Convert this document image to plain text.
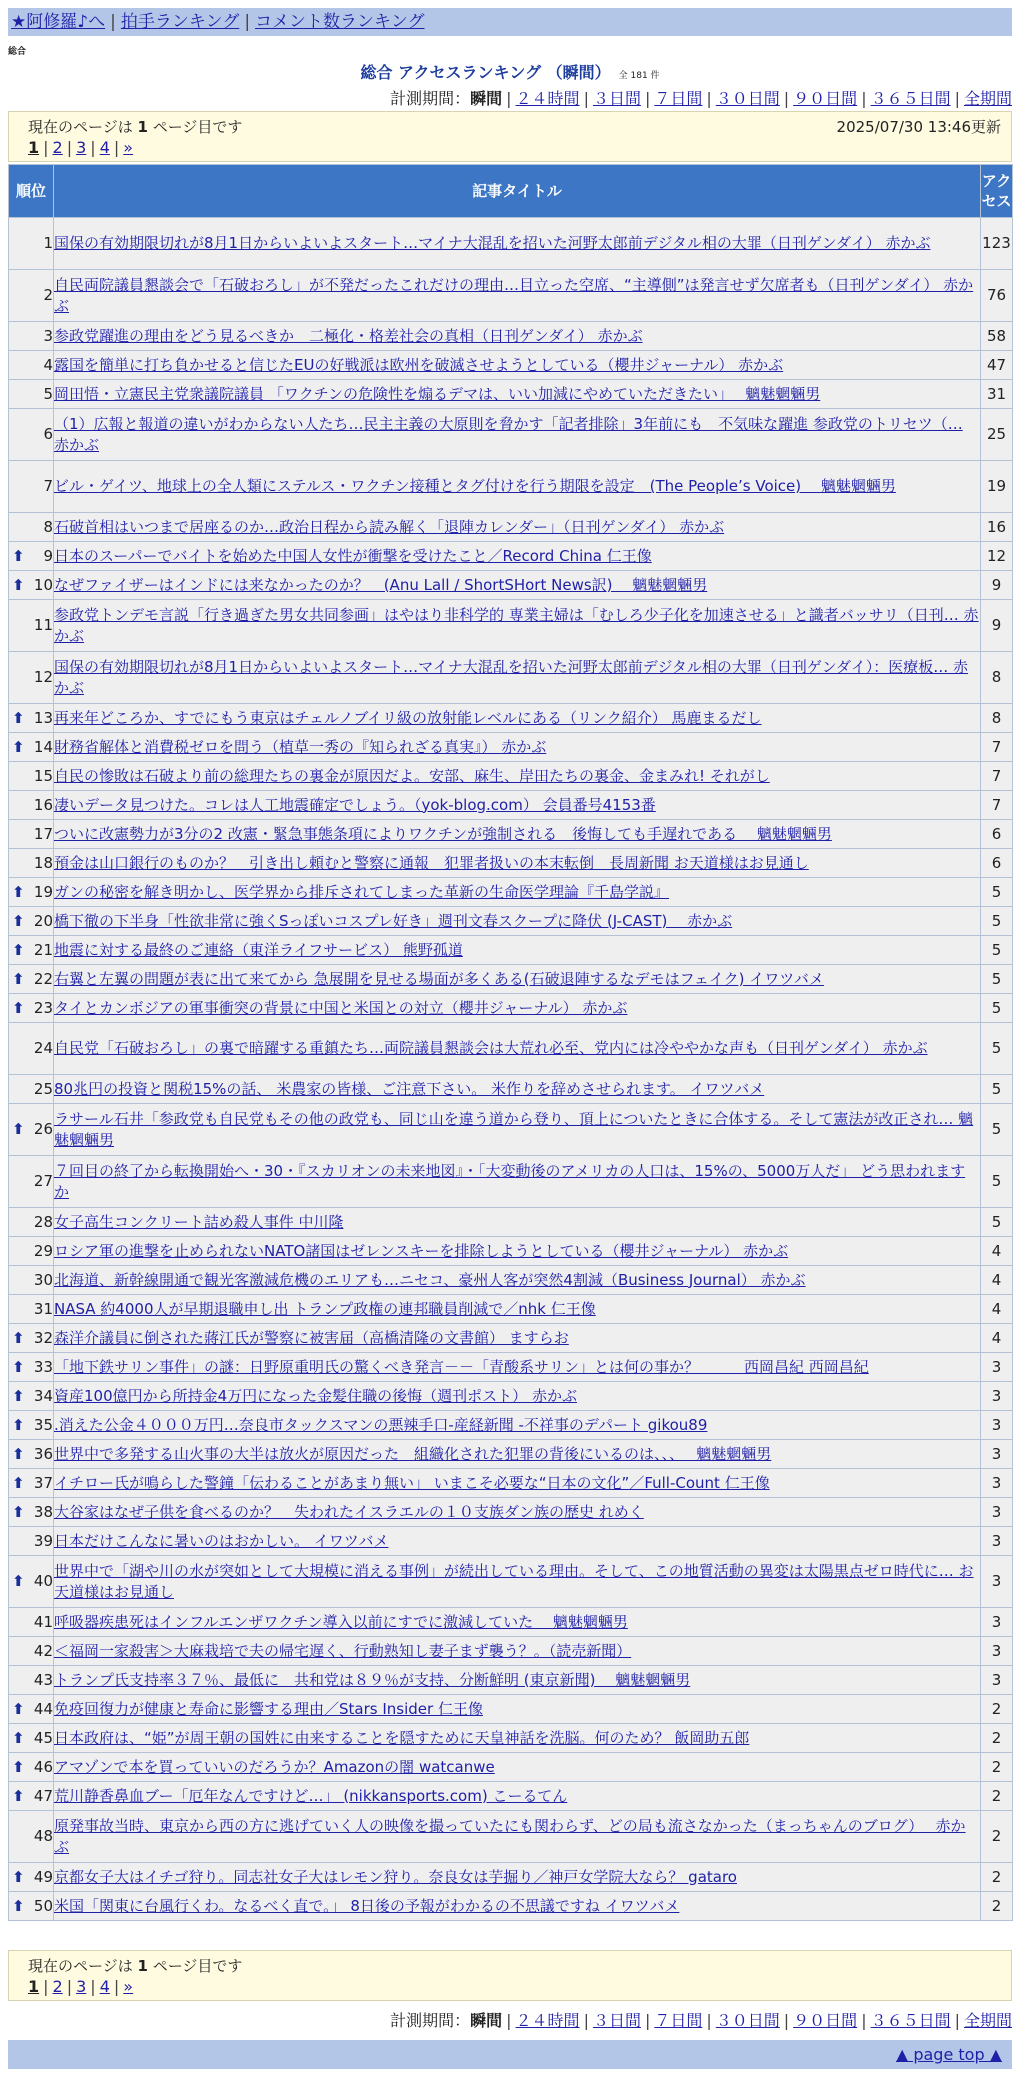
★阿修羅♪へ | 拍手ランキング | コメント数ランキング
総合
総合 アクセスランキング （瞬間） 全 181 件
計測期間：瞬間 | ２４時間 | ３日間 | ７日間 | ３０日間 | ９０日間 | ３６５日間 | 全期間
現在のページは 1 ページ目です	2025/07/30 13:46更新
1 | 2 | 3 | 4 | »
順位	記事タイトル	アクセス
1	国保の有効期限切れが8月1日からいよいよスタート…マイナ大混乱を招いた河野太郎前デジタル相の大罪（日刊ゲンダイ） 赤かぶ	123
2	自民両院議員懇談会で「石破おろし」が不発だったこれだけの理由…目立った空席、“主導側”は発言せず欠席者も（日刊ゲンダイ） 赤かぶ	76
3	参政党躍進の理由をどう見るべきか　二極化・格差社会の真相（日刊ゲンダイ） 赤かぶ	58
4	露国を簡単に打ち負かせると信じたEUの好戦派は欧州を破滅させようとしている（櫻井ジャーナル） 赤かぶ	47
5	岡田悟・立憲民主党衆議院議員 「ワクチンの危険性を煽るデマは、いい加減にやめていただきたい」　 魑魅魍魎男	31
6	（1）広報と報道の違いがわからない人たち…民主主義の大原則を脅かす「記者排除」3年前にも　不気味な躍進 参政党のトリセツ（… 赤かぶ	25
7	ビル・ゲイツ、地球上の全人類にステルス・ワクチン接種とタグ付けを行う期限を設定　(The People’s Voice)　 魑魅魍魎男	19
8	石破首相はいつまで居座るのか…政治日程から読み解く「退陣カレンダー」（日刊ゲンダイ） 赤かぶ	16

⬆ 9	日本のスーパーでバイトを始めた中国人女性が衝撃を受けたこと／Record China 仁王像	12

⬆ 10	なぜファイザーはインドには来なかったのか？　(Anu Lall / ShortSHort News訳)　 魑魅魍魎男	9
11	参政党トンデモ言説「行き過ぎた男女共同参画」はやはり非科学的 専業主婦は「むしろ少子化を加速させる」と識者バッサリ（日刊… 赤かぶ	9
12	国保の有効期限切れが8月1日からいよいよスタート…マイナ大混乱を招いた河野太郎前デジタル相の大罪（日刊ゲンダイ）：医療板… 赤かぶ	8

⬆ 13	再来年どころか、すでにもう東京はチェルノブイリ級の放射能レベルにある（リンク紹介） 馬鹿まるだし	8

⬆ 14	財務省解体と消費税ゼロを問う（植草一秀の『知られざる真実』） 赤かぶ	7
15	自民の惨敗は石破より前の総理たちの裏金が原因だよ。安部、麻生、岸田たちの裏金、金まみれ! それがし	7
16	凄いデータ見つけた。コレは人工地震確定でしょう。（yok-blog.com） 会員番号4153番	7
17	ついに改憲勢力が3分の2 改憲・緊急事態条項によりワクチンが強制される　後悔しても手遅れである　 魑魅魍魎男	6
18	預金は山口銀行のものか？　引き出し頼むと警察に通報　犯罪者扱いの本末転倒　長周新聞 お天道様はお見通し	6

⬆ 19	ガンの秘密を解き明かし、医学界から排斥されてしまった革新の生命医学理論『千島学説』	5

⬆ 20	橋下徹の下半身「性欲非常に強くSっぽいコスプレ好き」週刊文春スクープに降伏 (J-CAST)　 赤かぶ	5

⬆ 21	地震に対する最終のご連絡（東洋ライフサービス） 熊野孤道	5

⬆ 22	右翼と左翼の問題が表に出て来てから 急展開を見せる場面が多くある(石破退陣するなデモはフェイク) イワツバメ	5

⬆ 23	タイとカンボジアの軍事衝突の背景に中国と米国との対立（櫻井ジャーナル） 赤かぶ	5
24	自民党「石破おろし」の裏で暗躍する重鎮たち…両院議員懇談会は大荒れ必至、党内には冷ややかな声も（日刊ゲンダイ） 赤かぶ	5
25	80兆円の投資と関税15%の話、 米農家の皆様、ご注意下さい。 米作りを辞めさせられます。 イワツバメ	5

⬆ 26	ラサール石井「参政党も自民党もその他の政党も、同じ山を違う道から登り、頂上についたときに合体する。そして憲法が改正され… 魑魅魍魎男	5
27	７回目の終了から転換開始へ・30・『スカリオンの未来地図』・「大変動後のアメリカの人口は、15%の、5000万人だ」 どう思われますか	5
28	女子高生コンクリート詰め殺人事件 中川隆	5
29	ロシア軍の進撃を止められないNATO諸国はゼレンスキーを排除しようとしている（櫻井ジャーナル） 赤かぶ	4
30	北海道、新幹線開通で観光客激減危機のエリアも…ニセコ、豪州人客が突然4割減（Business Journal） 赤かぶ	4
31	NASA 約4000人が早期退職申し出 トランプ政権の連邦職員削減で／nhk 仁王像	4

⬆ 32	森洋介議員に倒された蔣江氏が警察に被害届（高橋清隆の文書館） ますらお	4

⬆ 33	「地下鉄サリン事件」の謎：日野原重明氏の驚くべき発言－－「青酸系サリン」とは何の事か？　　　西岡昌紀 西岡昌紀	3

⬆ 34	資産100億円から所持金4万円になった金髪住職の後悔（週刊ポスト） 赤かぶ	3

⬆ 35	.消えた公金４０００万円…奈良市タックスマンの悪辣手口-産経新聞 -不祥事のデパート gikou89	3

⬆ 36	世界中で多発する山火事の大半は放火が原因だった　組織化された犯罪の背後にいるのは、、、　 魑魅魍魎男	3

⬆ 37	イチロー氏が鳴らした警鐘「伝わることがあまり無い」 いまこそ必要な“日本の文化”／Full-Count 仁王像	3

⬆ 38	大谷家はなぜ子供を食べるのか？　失われたイスラエルの１０支族ダン族の歴史 れめく	3
39	日本だけこんなに暑いのはおかしい。 イワツバメ	3

⬆ 40	世界中で「湖や川の水が突如として大規模に消える事例」が続出している理由。そして、この地質活動の異変は太陽黒点ゼロ時代に… お天道様はお見通し	3
41	呼吸器疾患死はインフルエンザワクチン導入以前にすでに激減していた　 魑魅魍魎男	3
42	＜福岡一家殺害＞大麻栽培で夫の帰宅遅く、行動熟知し妻子まず襲う？。（読売新聞）	3
43	トランプ氏支持率３７％、最低に　共和党は８９％が支持、分断鮮明 (東京新聞)　 魑魅魍魎男	3

⬆ 44	免疫回復力が健康と寿命に影響する理由／Stars Insider 仁王像	2

⬆ 45	日本政府は、“姫”が周王朝の国姓に由来することを隠すために天皇神話を洗脳。何のため？ 飯岡助五郎	2

⬆ 46	アマゾンで本を買っていいのだろうか？Amazonの闇 watcanwe	2

⬆ 47	荒川静香鼻血ブー「厄年なんですけど…」 (nikkansports.com) こーるてん	2
48	原発事故当時、東京から西の方に逃げていく人の映像を撮っていたにも関わらず、どの局も流さなかった（まっちゃんのブログ）　 赤かぶ	2

⬆ 49	京都女子大はイチゴ狩り。同志社女子大はレモン狩り。奈良女は芋掘り／神戸女学院大なら？ gataro	2

⬆ 50	米国「関東に台風行くわ。なるべく直で。」 8日後の予報がわかるの不思議ですね イワツバメ	2
現在のページは 1 ページ目です
1 | 2 | 3 | 4 | »
計測期間：瞬間 | ２４時間 | ３日間 | ７日間 | ３０日間 | ９０日間 | ３６５日間 | 全期間
▲ page top ▲
